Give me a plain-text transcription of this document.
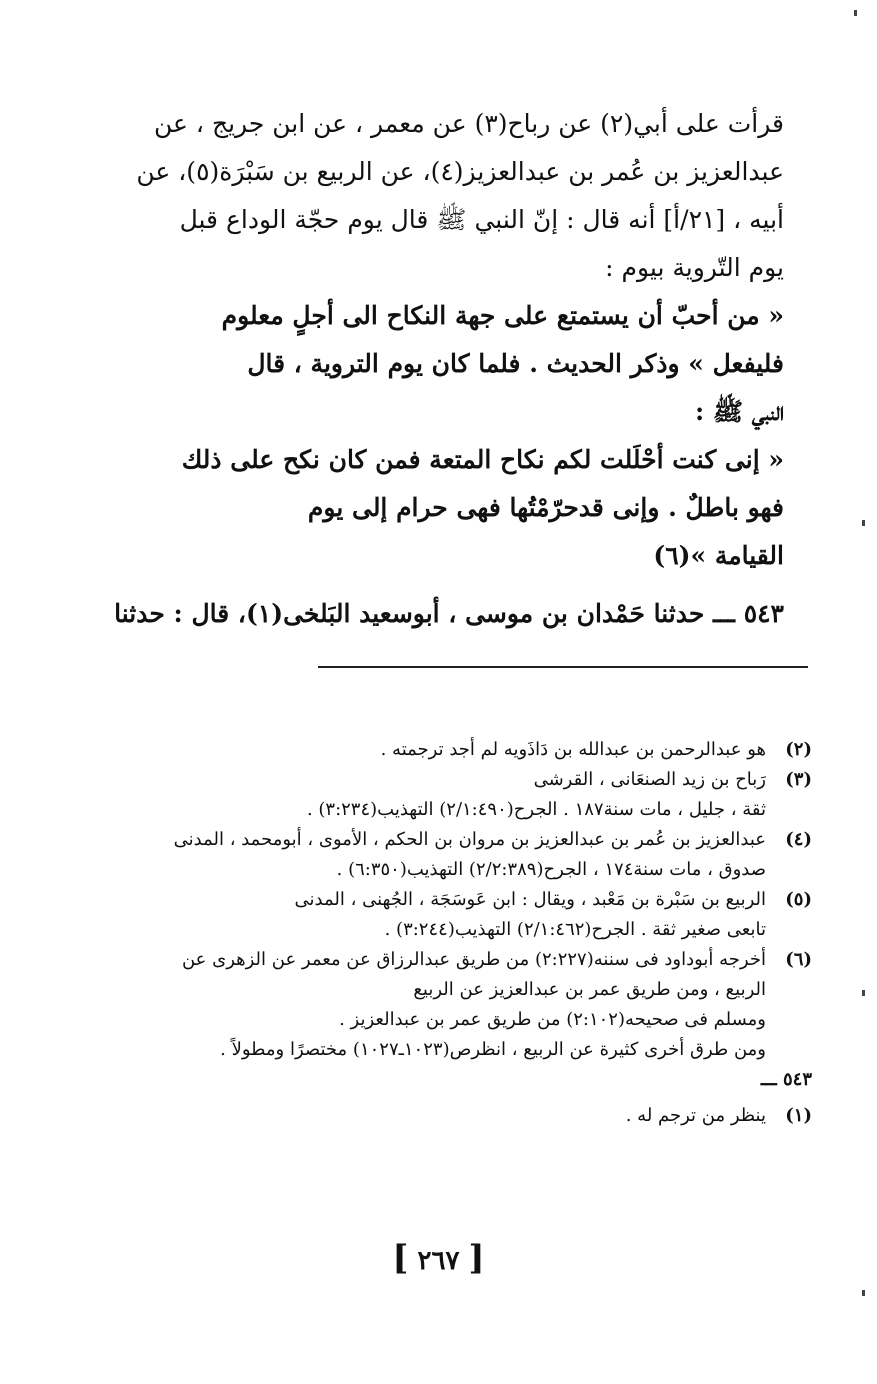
قرأت على أبي(٢) عن رباح(٣) عن معمر ، عن ابن جريج ، عن

عبدالعزيز بن عُمر بن عبدالعزيز(٤)، عن الربيع بن سَبْرَة(٥)، عن

أبيه ، [٢١/أ] أنه قال : إنّ النبي ﷺ قال يوم حجّة الوداع قبل

يوم التّروية بيوم :

« من أحبّ أن يستمتع على جهة النكاح الى أجلٍ معلوم

فليفعل » وذكر الحديث . فلما كان يوم التروية ، قال

النبي ﷺ :

« إنى كنت أحْلَلت لكم نكاح المتعة فمن كان نكح على ذلك

فهو باطلٌ . وإنى قدحرّمْتُها فهى حرام إلى يوم

القيامة »(٦)

٥٤٣ ـــ حدثنا حَمْدان بن موسى ، أبوسعيد البَلخى(١)، قال : حدثنا

(٢)
هو عبدالرحمن بن عبدالله بن دَاذَويه لم أجد ترجمته .
(٣)
رَباح بن زيد الصنعَانى ، القرشى
ثقة ، جليل ، مات سنة١٨٧ . الجرح(٢/١:٤٩٠) التهذيب(٣:٢٣٤) .
(٤)
عبدالعزيز بن عُمر بن عبدالعزيز بن مروان بن الحكم ، الأموى ، أبومحمد ، المدنى
صدوق ، مات سنة١٧٤ ، الجرح(٢/٢:٣٨٩) التهذيب(٦:٣٥٠) .
(٥)
الربيع بن سَبْرة بن مَعْبد ، ويقال : ابن عَوسَجَة ، الجُهنى ، المدنى
تابعى صغير ثقة . الجرح(٢/١:٤٦٢) التهذيب(٣:٢٤٤) .
(٦)
أخرجه أبوداود فى سننه(٢:٢٢٧) من طريق عبدالرزاق عن معمر عن الزهرى عن
الربيع ، ومن طريق عمر بن عبدالعزيز عن الربيع
ومسلم فى صحيحه(٢:١٠٢) من طريق عمر بن عبدالعزيز .
ومن طرق أخرى كثيرة عن الربيع ، انظرص(١٠٢٣ـ١٠٢٧) مختصرًا ومطولاً .
٥٤٣ ـــ
(١)
ينظر من ترجم له .
[ ٢٦٧ ]
